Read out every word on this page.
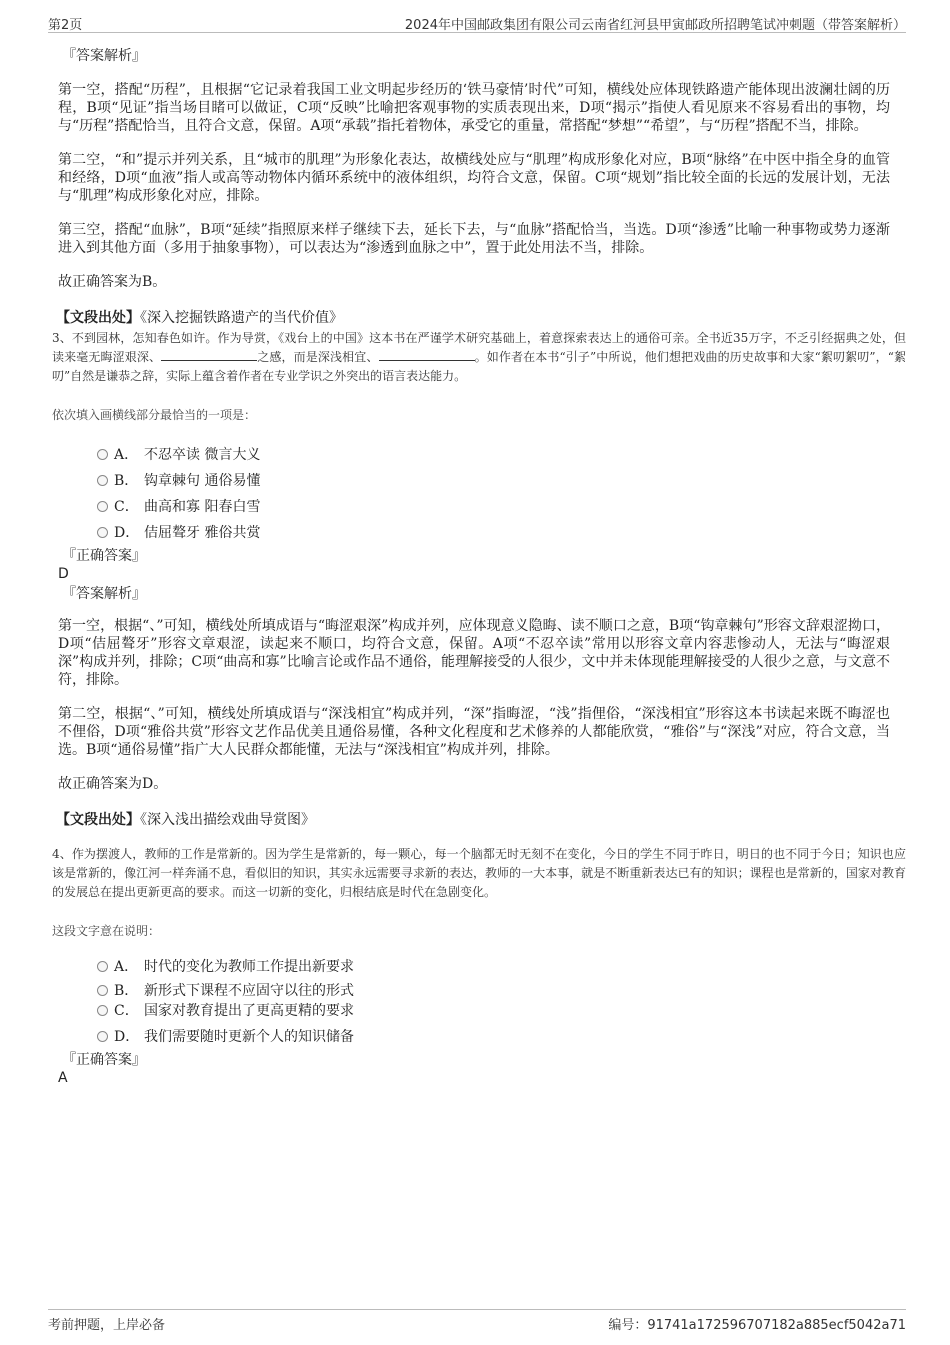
第2页	2024年中国邮政集团有限公司云南省红河县甲寅邮政所招聘笔试冲刺题（带答案解析）

『答案解析』

第一空，搭配“历程”，且根据“它记录着我国工业文明起步经历的‘铁马豪情’时代”可知，横线处应体现铁路遗产能体现出波澜壮阔的历程，B项“见证”指当场目睹可以做证，C项“反映”比喻把客观事物的实质表现出来，D项“揭示”指使人看见原来不容易看出的事物，均与“历程”搭配恰当，且符合文意，保留。A项“承载”指托着物体，承受它的重量，常搭配“梦想”“希望”，与“历程”搭配不当，排除。

第二空，“和”提示并列关系，且“城市的肌理”为形象化表达，故横线处应与“肌理”构成形象化对应，B项“脉络”在中医中指全身的血管和经络，D项“血液”指人或高等动物体内循环系统中的液体组织，均符合文意，保留。C项“规划”指比较全面的长远的发展计划，无法与“肌理”构成形象化对应，排除。

第三空，搭配“血脉”，B项“延续”指照原来样子继续下去，延长下去，与“血脉”搭配恰当，当选。D项“渗透”比喻一种事物或势力逐渐进入到其他方面（多用于抽象事物），可以表达为“渗透到血脉之中”，置于此处用法不当，排除。

故正确答案为B。

【文段出处】《深入挖掘铁路遗产的当代价值》

3、不到园林，怎知春色如许。作为导赏，《戏台上的中国》这本书在严谨学术研究基础上，着意探索表达上的通俗可亲。全书近35万字，不乏引经据典之处，但读来毫无晦涩艰深、	之感，而是深浅相宜、	。如作者在本书“引子”中所说，他们想把戏曲的历史故事和大家“絮叨絮叨”，“絮叨”自然是谦恭之辞，实际上蕴含着作者在专业学识之外突出的语言表达能力。

依次填入画横线部分最恰当的一项是：

A． 不忍卒读 微言大义
B． 钩章棘句 通俗易懂
C． 曲高和寡 阳春白雪
D． 佶屈聱牙 雅俗共赏

『正确答案』

D

『答案解析』

第一空，根据“、”可知，横线处所填成语与“晦涩艰深”构成并列，应体现意义隐晦、读不顺口之意，B项“钩章棘句”形容文辞艰涩拗口，D项“佶屈聱牙”形容文章艰涩，读起来不顺口，均符合文意，保留。A项“不忍卒读”常用以形容文章内容悲惨动人，无法与“晦涩艰深”构成并列，排除；C项“曲高和寡”比喻言论或作品不通俗，能理解接受的人很少，文中并未体现能理解接受的人很少之意，与文意不符，排除。

第二空，根据“、”可知，横线处所填成语与“深浅相宜”构成并列，“深”指晦涩，“浅”指俚俗，“深浅相宜”形容这本书读起来既不晦涩也不俚俗，D项“雅俗共赏”形容文艺作品优美且通俗易懂，各种文化程度和艺术修养的人都能欣赏，“雅俗”与“深浅”对应，符合文意，当选。B项“通俗易懂”指广大人民群众都能懂，无法与“深浅相宜”构成并列，排除。

故正确答案为D。

【文段出处】《深入浅出描绘戏曲导赏图》

4、作为摆渡人，教师的工作是常新的。因为学生是常新的，每一颗心，每一个脑都无时无刻不在变化，今日的学生不同于昨日，明日的也不同于今日；知识也应该是常新的，像江河一样奔涌不息，看似旧的知识，其实永远需要寻求新的表达，教师的一大本事，就是不断重新表达已有的知识；课程也是常新的，国家对教育的发展总在提出更新更高的要求。而这一切新的变化，归根结底是时代在急剧变化。

这段文字意在说明：

A． 时代的变化为教师工作提出新要求
B． 新形式下课程不应固守以往的形式
C． 国家对教育提出了更高更精的要求
D． 我们需要随时更新个人的知识储备

『正确答案』

A

考前押题，上岸必备	编号：91741a172596707182a885ecf5042a71
